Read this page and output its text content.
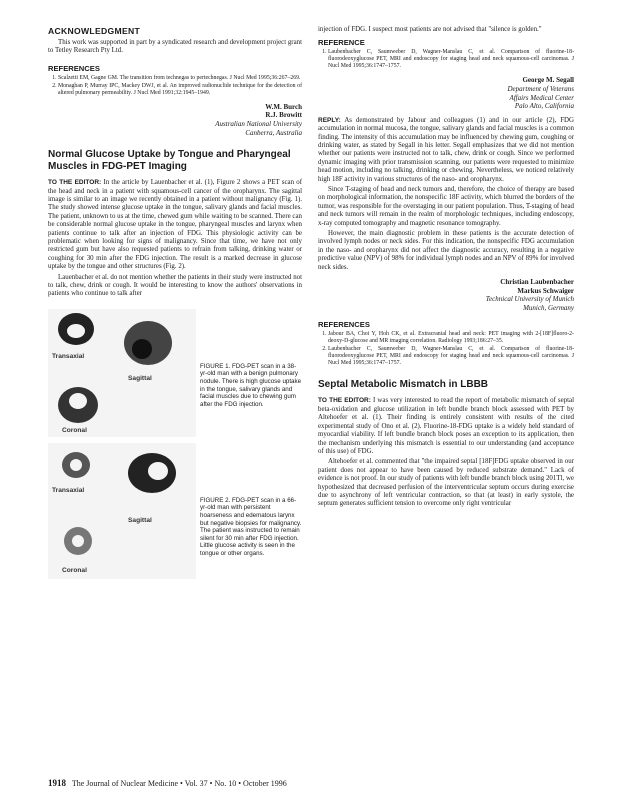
ACKNOWLEDGMENT

This work was supported in part by a syndicated research and development project grant to Tetley Research Pty Ltd.

REFERENCES
1. Scalzetti EM, Gagne GM. The transition from technegas to pertechnegas. J Nucl Med 1995;36:267–269.
2. Monaghan P, Murray IPC, Mackey DWJ, et al. An improved radionuclide technique for the detection of altered pulmonary permeability. J Nucl Med 1991;32:1945–1949.
W.M. Burch
R.J. Browitt
Australian National University
Canberra, Australia
Normal Glucose Uptake by Tongue and Pharyngeal Muscles in FDG-PET Imaging

TO THE EDITOR: In the article by Lauenbacher et al. (1), Figure 2 shows a PET scan of the head and neck in a patient with squamous-cell cancer of the oropharynx. The sagittal image is similar to an image we recently obtained in a patient without malignancy (Fig. 1). The study showed intense glucose uptake in the tongue, salivary glands and facial muscles. The patient, unknown to us at the time, chewed gum while waiting to be scanned. There can be considerable normal glucose uptake in the tongue, pharyngeal muscles and larynx when patients continue to talk after an injection of FDG. This physiologic activity can be problematic when looking for signs of malignancy. Since that time, we have not only restricted gum but have also requested patients to refrain from talking, drinking water or coughing for 30 min after the FDG injection. The result is a marked decrease in glucose uptake by the tongue and other structures (Fig. 2).

Lauenbacher et al. do not mention whether the patients in their study were instructed not to talk, chew, drink or cough. It would be interesting to know the authors' observations in patients who continue to talk after

Transaxial
Sagittal
Coronal
FIGURE 1. FDG-PET scan in a 38-yr-old man with a benign pulmonary nodule. There is high glucose uptake in the tongue, salivary glands and facial muscles due to chewing gum after the FDG injection.
Transaxial
Sagittal
Coronal
FIGURE 2. FDG-PET scan in a 66-yr-old man with persistent hoarseness and edematous larynx but negative biopsies for malignancy. The patient was instructed to remain silent for 30 min after FDG injection. Little glucose activity is seen in the tongue or other organs.

injection of FDG. I suspect most patients are not advised that "silence is golden."

REFERENCE
1. Laubenbacher C, Saumweber D, Wagner-Manslau C, et al. Comparison of fluorine-18-fluorodeoxyglucose PET, MRI and endoscopy for staging head and neck squamous-cell carcinomas. J Nucl Med 1995;36:1747–1757.
George M. Segall
Department of Veterans
Affairs Medical Center
Palo Alto, California

REPLY: As demonstrated by Jabour and colleagues (1) and in our article (2), FDG accumulation in normal mucosa, the tongue, salivary glands and facial muscles is a common finding. The intensity of this accumulation may be influenced by chewing gum, coughing or drinking water, as stated by Segall in his letter. Segall emphasizes that we did not mention whether our patients were instructed not to talk, chew, drink or cough. Since we performed dynamic imaging with prior transmission scanning, our patients were requested to minimize head motion, including no talking, drinking or chewing. Nevertheless, we noticed relatively high 18F activity in various structures of the naso- and oropharynx.

Since T-staging of head and neck tumors and, therefore, the choice of therapy are based on morphological information, the nonspecific 18F activity, which blurred the borders of the tumor, was responsible for the overstaging in our patient population. Thus, T-staging of head and neck tumors will remain in the realm of morphologic techniques, including endoscopy, x-ray computed tomography and magnetic resonance tomography.

However, the main diagnostic problem in these patients is the accurate detection of involved lymph nodes or neck sides. For this indication, the nonspecific FDG accumulation in the naso- and oropharynx did not affect the diagnostic accuracy, resulting in a negative predictive value (NPV) of 98% for individual lymph nodes and an NPV of 89% for involved neck sides.

Christian Laubenbacher
Markus Schwaiger
Technical University of Munich
Munich, Germany
REFERENCES
1. Jabour BA, Choi Y, Hoh CK, et al. Extracranial head and neck: PET imaging with 2-[18F]fluoro-2-deoxy-D-glucose and MR imaging correlation. Radiology 1993;186:27–35.
2. Laubenbacher C, Saumweber D, Wagner-Manslau C, et al. Comparison of fluorine-18-fluorodeoxyglucose PET, MRI and endoscopy for staging head and neck squamous-cell carcinomas. J Nucl Med 1995;36:1747–1757.
Septal Metabolic Mismatch in LBBB

TO THE EDITOR: I was very interested to read the report of metabolic mismatch of septal beta-oxidation and glucose utilization in left bundle branch block assessed with PET by Altehoefer et al. (1). Their finding is entirely consistent with results of the cited experimental study of Ono et al. (2). Fluorine-18-FDG uptake is a widely held standard of myocardial viability. If left bundle branch block poses an exception to its application, then the mechanism underlying this mismatch is essential to our understanding (and acceptance of this use) of FDG.

Altehoefer et al. commented that "the impaired septal [18F]FDG uptake observed in our patient does not appear to have been caused by reduced substrate demand." Lack of evidence is not proof. In our study of patients with left bundle branch block using 201Tl, we hypothesized that decreased perfusion of the interventricular septum occurs during exercise due to asynchrony of left ventricular contraction, so that (at least) in early systole, the septum generates sufficient tension to overcome only right ventricular

1918 The Journal of Nuclear Medicine • Vol. 37 • No. 10 • October 1996
